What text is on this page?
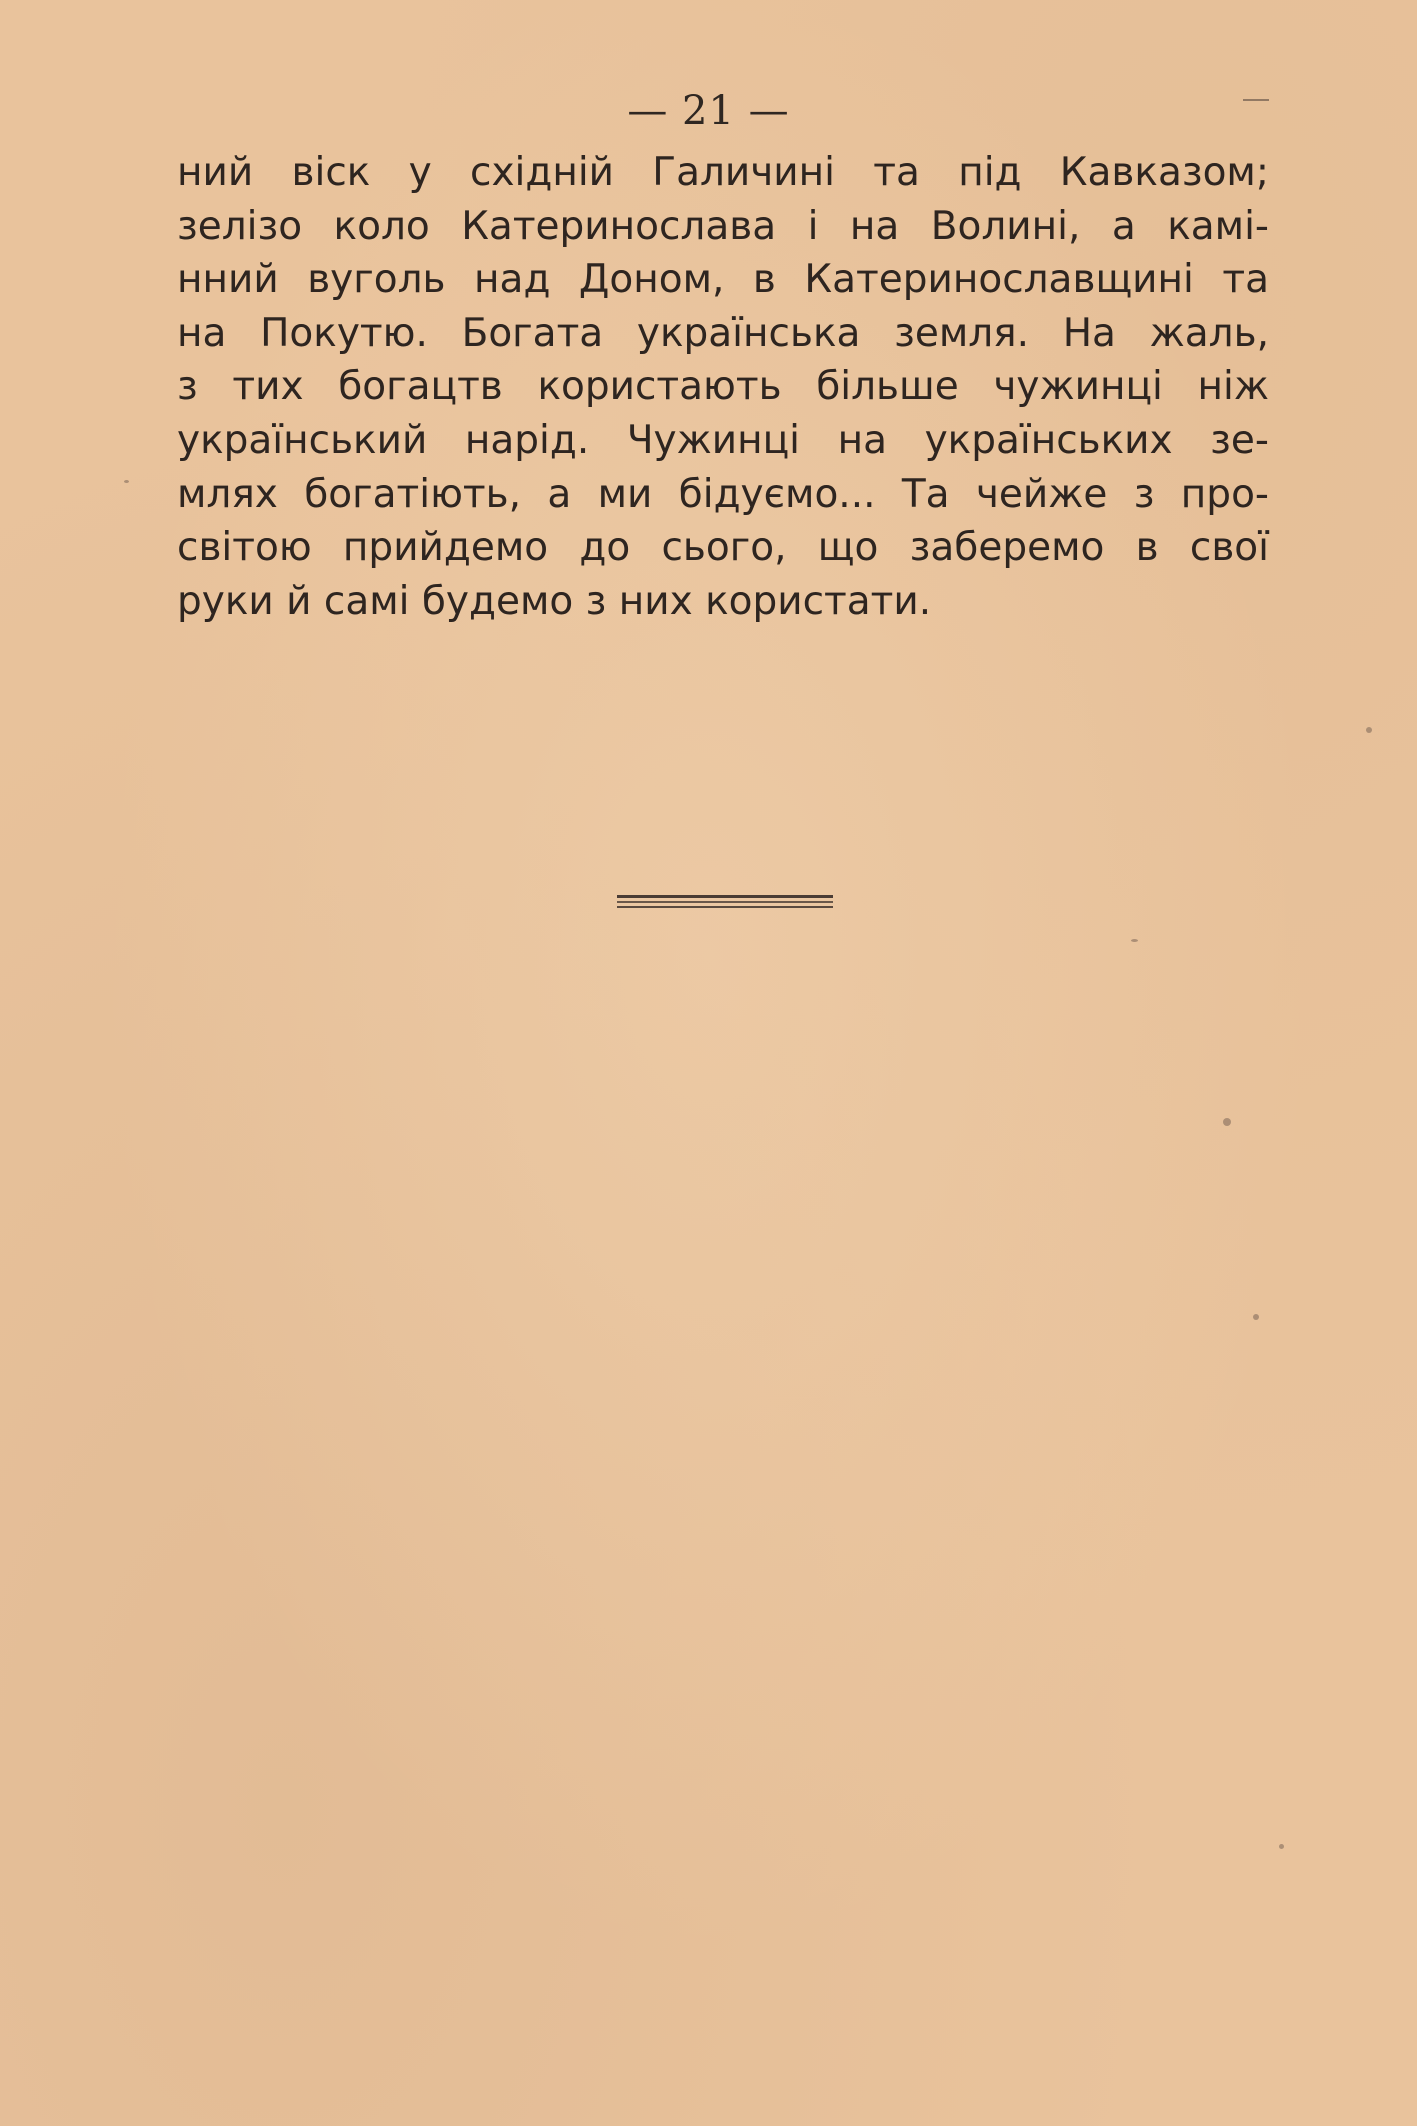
— 21 —
ний віск у східній Галичині та під Кавказом;
зелізо коло Катеринослава і на Волині, а камі-
нний вуголь над Доном, в Катеринославщині та
на Покутю. Богата українська земля. На жаль,
з тих богацтв користають більше чужинці ніж
український нарід. Чужинці на українських зе-
млях богатіють, а ми бідуємо... Та чейже з про-
світою прийдемо до сього, що заберемо в свої
руки й самі будемо з них користати.
